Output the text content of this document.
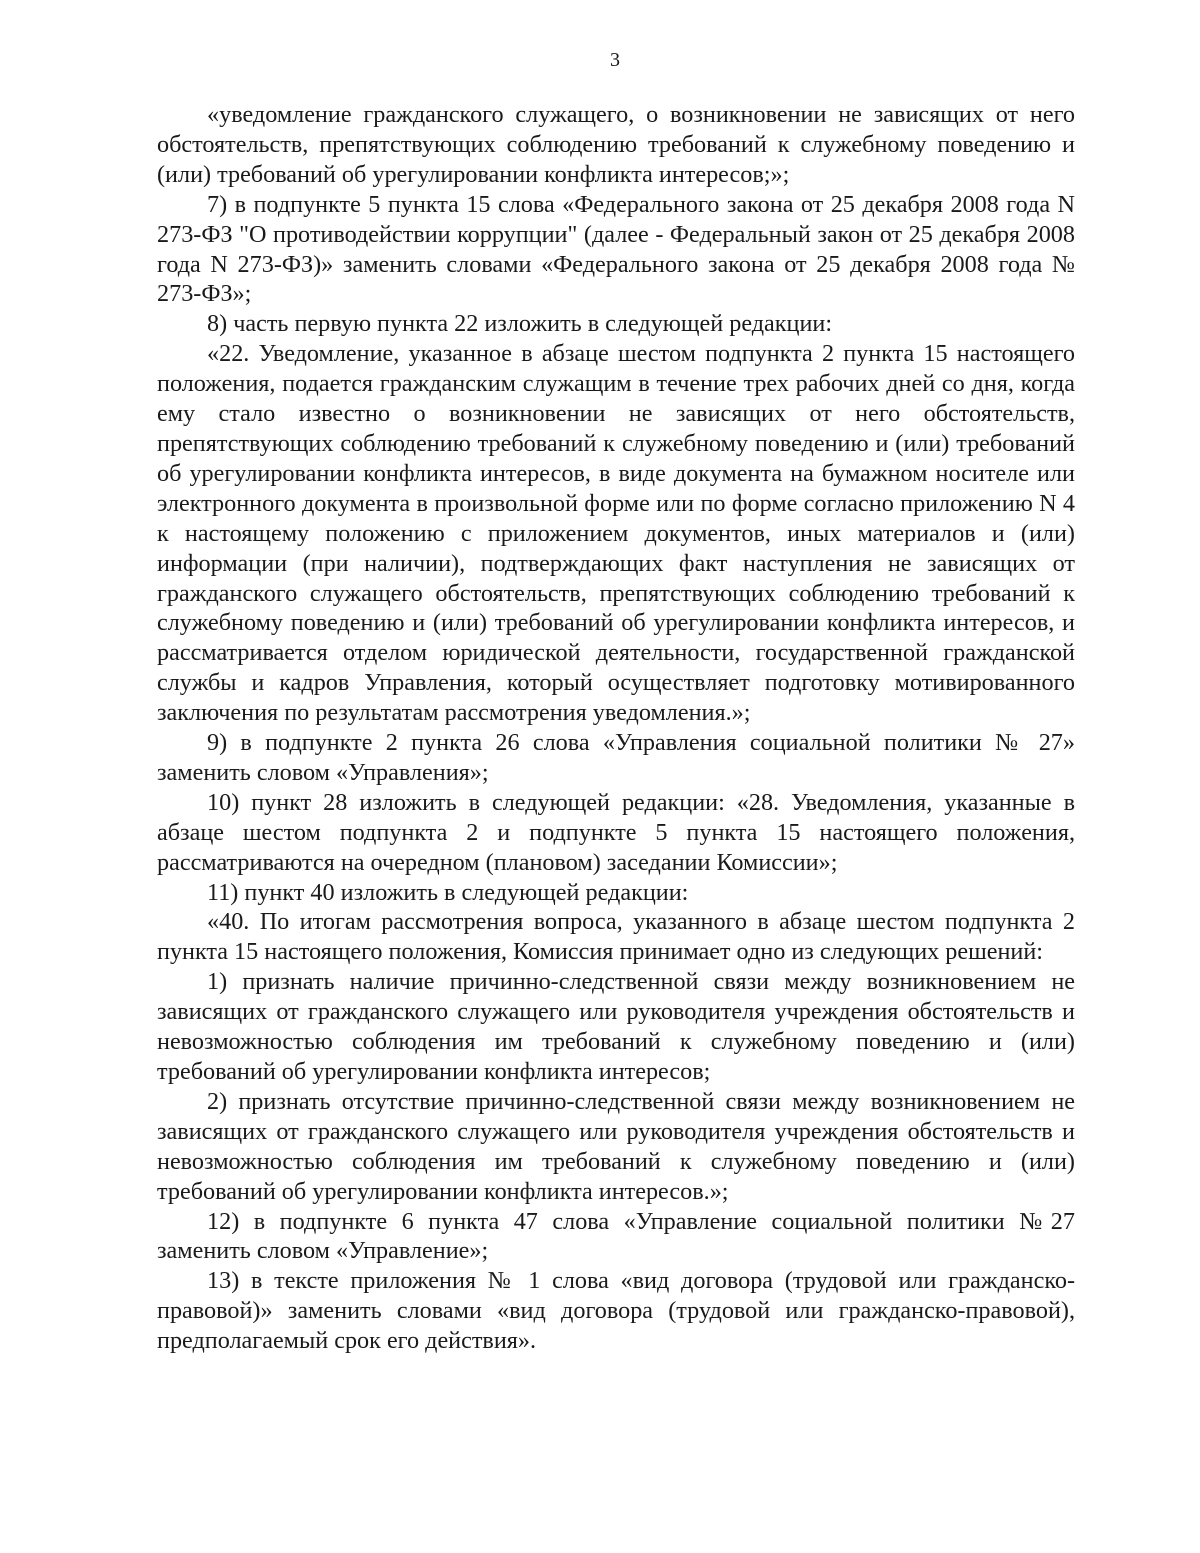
3

«уведомление гражданского служащего, о возникновении не зависящих от него обстоятельств, препятствующих соблюдению требований к служебному поведению и (или) требований об урегулировании конфликта интересов;»;

7) в подпункте 5 пункта 15 слова «Федерального закона от 25 декабря 2008 года N 273-ФЗ "О противодействии коррупции" (далее - Федеральный закон от 25 декабря 2008 года N 273-ФЗ)» заменить словами «Федерального закона от 25 декабря 2008 года № 273-ФЗ»;

8) часть первую пункта 22 изложить в следующей редакции:

«22. Уведомление, указанное в абзаце шестом подпункта 2 пункта 15 настоящего положения, подается гражданским служащим в течение трех рабочих дней со дня, когда ему стало известно о возникновении не зависящих от него обстоятельств, препятствующих соблюдению требований к служебному поведению и (или) требований об урегулировании конфликта интересов, в виде документа на бумажном носителе или электронного документа в произвольной форме или по форме согласно приложению N 4 к настоящему положению с приложением документов, иных материалов и (или) информации (при наличии), подтверждающих факт наступления не зависящих от гражданского служащего обстоятельств, препятствующих соблюдению требований к служебному поведению и (или) требований об урегулировании конфликта интересов, и рассматривается отделом юридической деятельности, государственной гражданской службы и кадров Управления, который осуществляет подготовку мотивированного заключения по результатам рассмотрения уведомления.»;

9) в подпункте 2 пункта 26 слова «Управления социальной политики № 27» заменить словом «Управления»;

10) пункт 28 изложить в следующей редакции: «28. Уведомления, указанные в абзаце шестом подпункта 2 и подпункте 5 пункта 15 настоящего положения, рассматриваются на очередном (плановом) заседании Комиссии»;

11) пункт 40 изложить в следующей редакции:

«40. По итогам рассмотрения вопроса, указанного в абзаце шестом подпункта 2 пункта 15 настоящего положения, Комиссия принимает одно из следующих решений:

1) признать наличие причинно-следственной связи между возникновением не зависящих от гражданского служащего или руководителя учреждения обстоятельств и невозможностью соблюдения им требований к служебному поведению и (или) требований об урегулировании конфликта интересов;

2) признать отсутствие причинно-следственной связи между возникновением не зависящих от гражданского служащего или руководителя учреждения обстоятельств и невозможностью соблюдения им требований к служебному поведению и (или) требований об урегулировании конфликта интересов.»;

12) в подпункте 6 пункта 47 слова «Управление социальной политики №27 заменить словом «Управление»;

13) в тексте приложения № 1 слова «вид договора (трудовой или гражданско-правовой)» заменить словами «вид договора (трудовой или гражданско-правовой), предполагаемый срок его действия».
